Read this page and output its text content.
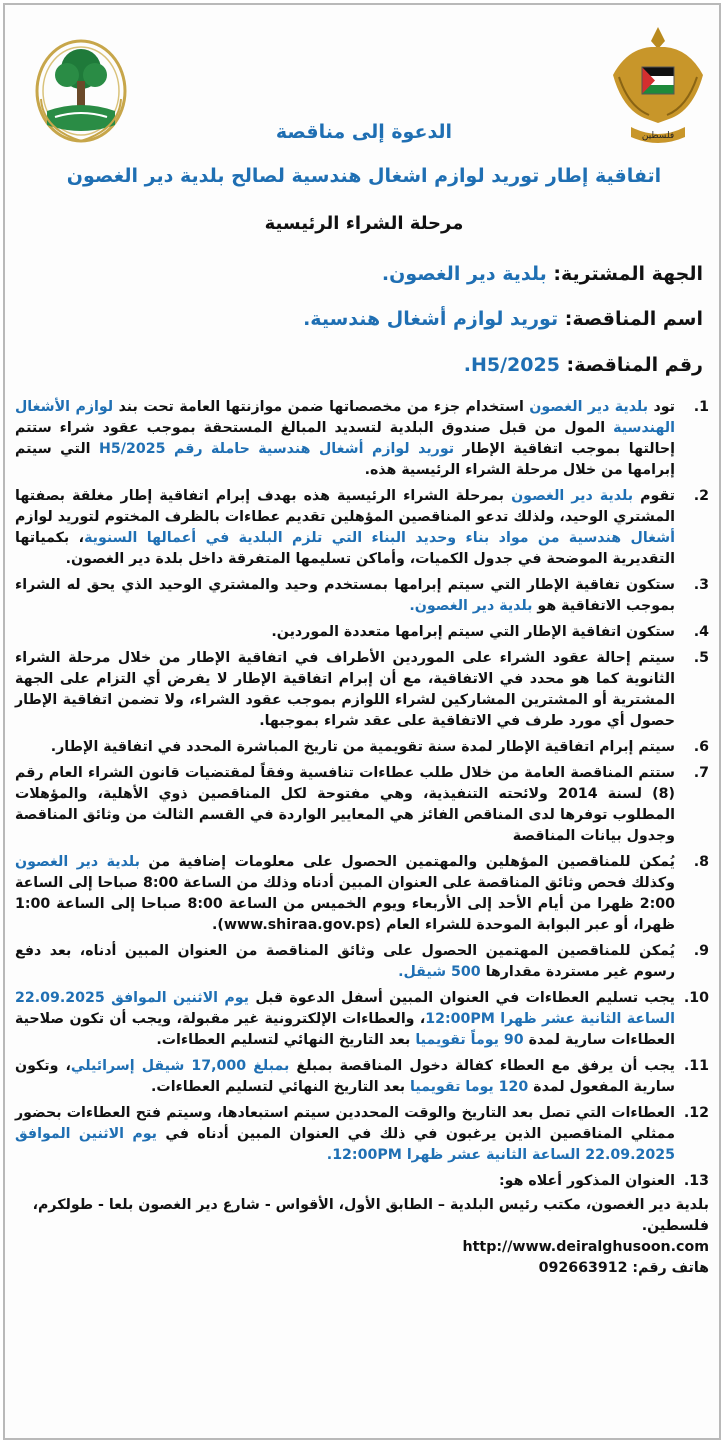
فلسطين
الدعوة إلى مناقصة
اتفاقية إطار توريد لوازم اشغال هندسية لصالح بلدية دير الغصون
مرحلة الشراء الرئيسية
الجهة المشترية: بلدية دير الغصون.
اسم المناقصة: توريد لوازم أشغال هندسية.
رقم المناقصة: H5/2025.
1.
تود بلدية دير الغصون استخدام جزء من مخصصاتها ضمن موازنتها العامة تحت بند لوازم الأشغال الهندسية المول من قبل صندوق البلدية لتسديد المبالغ المستحقة بموجب عقود شراء ستتم إحالتها بموجب اتفاقية الإطار توريد لوازم أشغال هندسية حاملة رقم H5/2025 التي سيتم إبرامها من خلال مرحلة الشراء الرئيسية هذه.
2.
تقوم بلدية دير الغصون بمرحلة الشراء الرئيسية هذه بهدف إبرام اتفاقية إطار مغلقة بصفتها المشتري الوحيد، ولذلك تدعو المناقصين المؤهلين تقديم عطاءات بالظرف المختوم لتوريد لوازم أشغال هندسية من مواد بناء وحديد البناء التي تلزم البلدية في أعمالها السنوية، بكمياتها التقديرية الموضحة في جدول الكميات، وأماكن تسليمها المتفرقة داخل بلدة دير الغصون.
3.
ستكون تفاقية الإطار التي سيتم إبرامها بمستخدم وحيد والمشتري الوحيد الذي يحق له الشراء بموجب الاتفاقية هو بلدية دير الغصون.
4.
ستكون اتفاقية الإطار التي سيتم إبرامها متعددة الموردين.
5.
سيتم إحالة عقود الشراء على الموردين الأطراف في اتفاقية الإطار من خلال مرحلة الشراء الثانوية كما هو محدد في الاتفاقية، مع أن إبرام اتفاقية الإطار لا يفرض أي التزام على الجهة المشترية أو المشترين المشاركين لشراء اللوازم بموجب عقود الشراء، ولا تضمن اتفاقية الإطار حصول أي مورد طرف في الاتفاقية على عقد شراء بموجبها.
6.
سيتم إبرام اتفاقية الإطار لمدة سنة تقويمية من تاريخ المباشرة المحدد في اتفاقية الإطار.
7.
ستتم المناقصة العامة من خلال طلب عطاءات تنافسية وفقاً لمقتضيات قانون الشراء العام رقم (8) لسنة 2014 ولائحته التنفيذية، وهي مفتوحة لكل المناقصين ذوي الأهلية، والمؤهلات المطلوب توفرها لدى المناقص الفائز هي المعايير الواردة في القسم الثالث من وثائق المناقصة وجدول بيانات المناقصة
8.
يُمكن للمناقصين المؤهلين والمهتمين الحصول على معلومات إضافية من بلدية دير الغصون وكذلك فحص وثائق المناقصة على العنوان المبين أدناه وذلك من الساعة 8:00 صباحا إلى الساعة 2:00 ظهرا من أيام الأحد إلى الأربعاء ويوم الخميس من الساعة 8:00 صباحا إلى الساعة 1:00 ظهرا، أو عبر البوابة الموحدة للشراء العام (www.shiraa.gov.ps).
9.
يُمكن للمناقصين المهتمين الحصول على وثائق المناقصة من العنوان المبين أدناه، بعد دفع رسوم غير مستردة مقدارها 500 شيقل.
10.
يجب تسليم العطاءات في العنوان المبين أسفل الدعوة قبل يوم الاثنين الموافق 22.09.2025 الساعة الثانية عشر ظهرا 12:00PM، والعطاءات الإلكترونية غير مقبولة، ويجب أن تكون صلاحية العطاءات سارية لمدة 90 يوماً تقويميا بعد التاريخ النهائي لتسليم العطاءات.
11.
يجب أن يرفق مع العطاء كفالة دخول المناقصة بمبلغ بمبلغ 17,000 شيقل إسرائيلي، وتكون سارية المفعول لمدة 120 يوما تقويميا بعد التاريخ النهائي لتسليم العطاءات.
12.
العطاءات التي تصل بعد التاريخ والوقت المحددين سيتم استبعادها، وسيتم فتح العطاءات بحضور ممثلي المناقصين الذين يرغبون في ذلك في العنوان المبين أدناه في يوم الاثنين الموافق 22.09.2025 الساعة الثانية عشر ظهرا 12:00PM.
13.
العنوان المذكور أعلاه هو:
بلدية دير الغصون، مكتب رئيس البلدية – الطابق الأول، الأقواس - شارع دير الغصون بلعا - طولكرم، فلسطين.
http://www.deiralghusoon.com
هاتف رقم: 092663912
